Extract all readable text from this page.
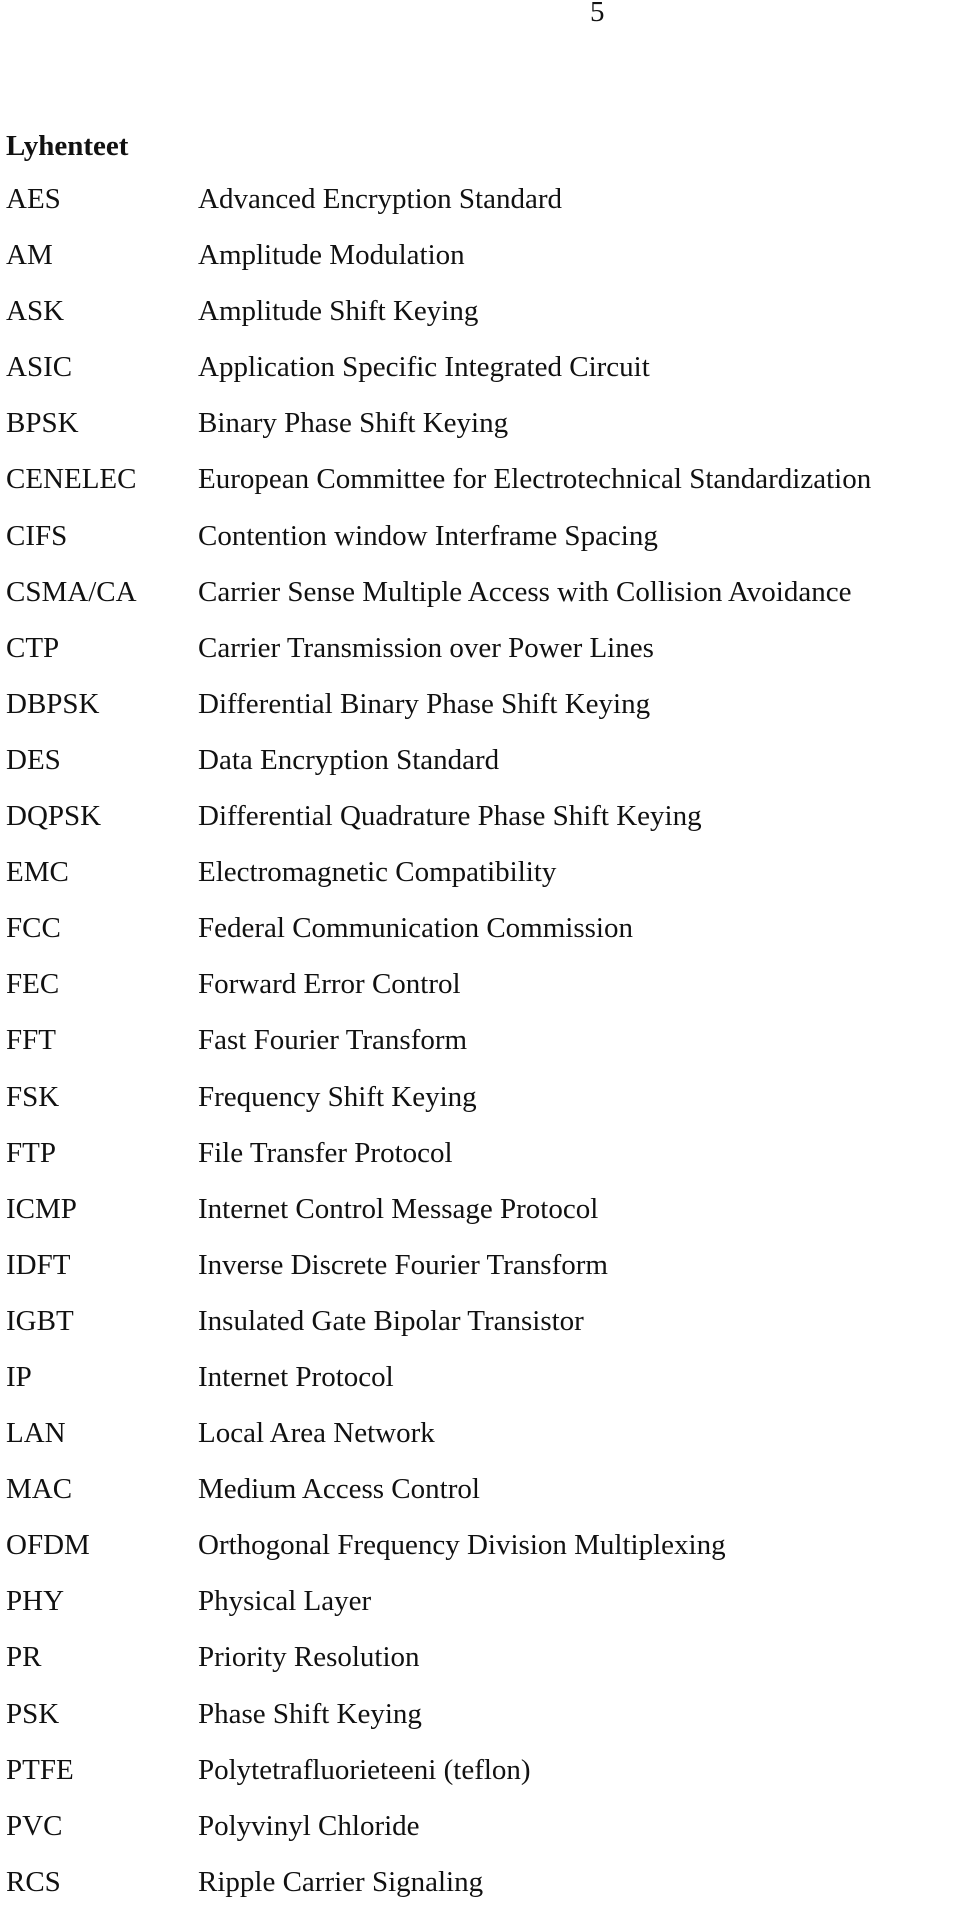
5
Lyhenteet
AES	Advanced Encryption Standard
AM	Amplitude Modulation
ASK	Amplitude Shift Keying
ASIC	Application Specific Integrated Circuit
BPSK	Binary Phase Shift Keying
CENELEC European Committee for Electrotechnical Standardization
CIFS	Contention window Interframe Spacing
CSMA/CA Carrier Sense Multiple Access with Collision Avoidance
CTP	Carrier Transmission over Power Lines
DBPSK	Differential Binary Phase Shift Keying
DES	Data Encryption Standard
DQPSK	Differential Quadrature Phase Shift Keying
EMC	Electromagnetic Compatibility
FCC	Federal Communication Commission
FEC	Forward Error Control
FFT	Fast Fourier Transform
FSK	Frequency Shift Keying
FTP	File Transfer Protocol
ICMP	Internet Control Message Protocol
IDFT	Inverse Discrete Fourier Transform
IGBT	Insulated Gate Bipolar Transistor
IP	Internet Protocol
LAN	Local Area Network
MAC	Medium Access Control
OFDM	Orthogonal Frequency Division Multiplexing
PHY	Physical Layer
PR	Priority Resolution
PSK	Phase Shift Keying
PTFE	Polytetrafluorieteeni (teflon)
PVC	Polyvinyl Chloride
RCS	Ripple Carrier Signaling
